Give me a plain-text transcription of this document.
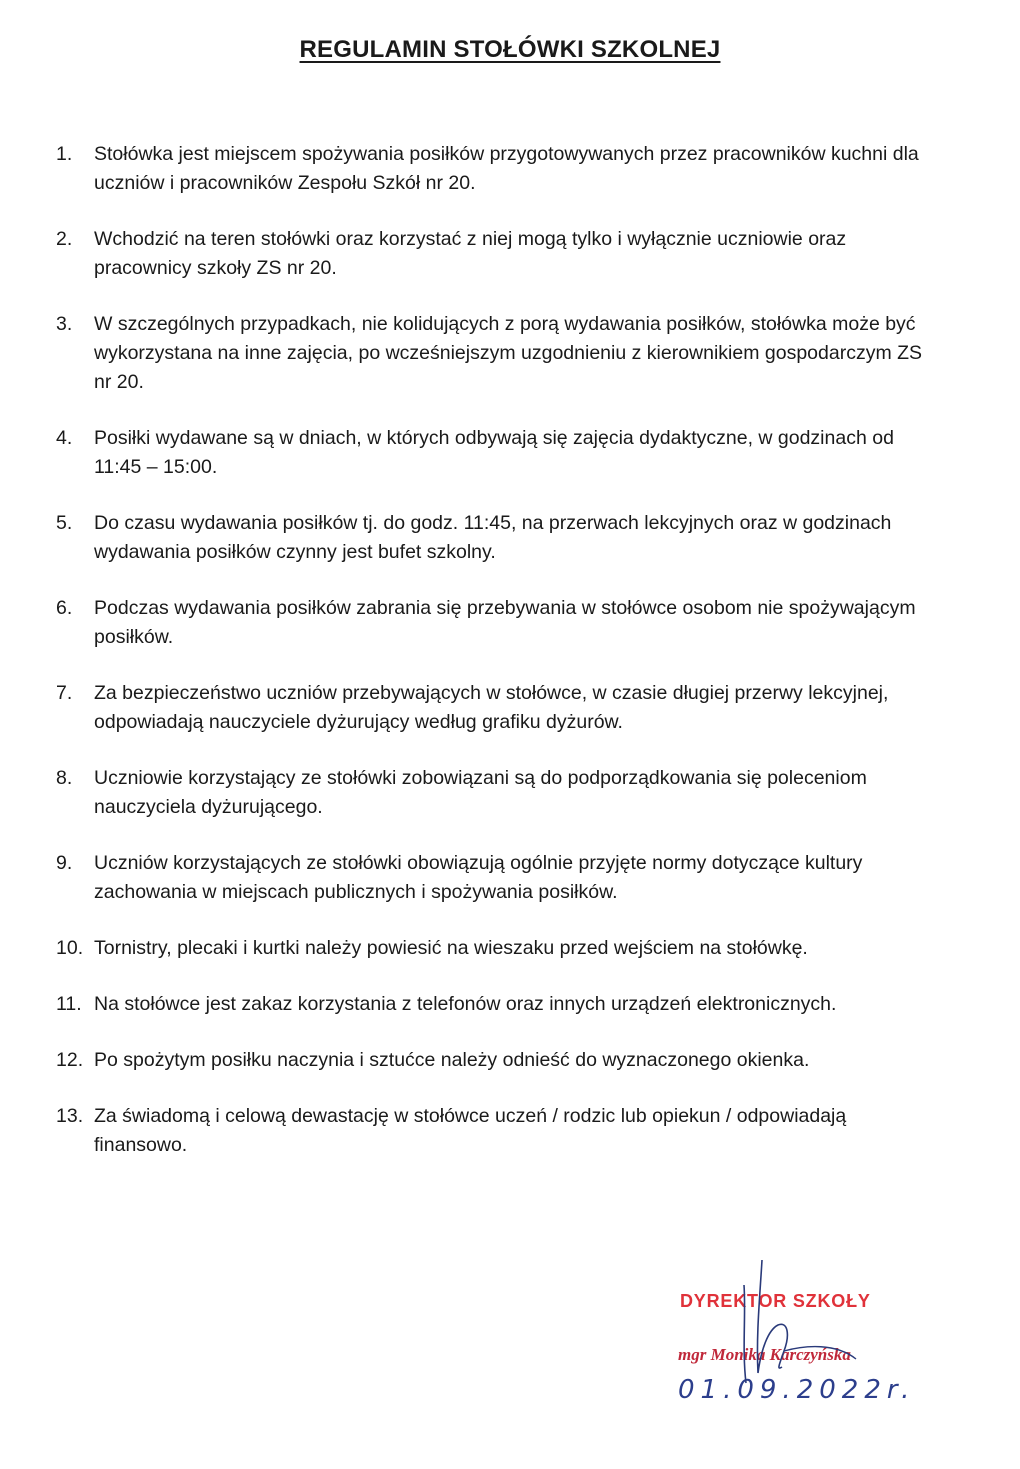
REGULAMIN STOŁÓWKI SZKOLNEJ
1. Stołówka jest miejscem spożywania posiłków przygotowywanych przez pracowników kuchni dla uczniów i pracowników Zespołu Szkół nr 20.
2. Wchodzić na teren stołówki oraz korzystać z niej mogą tylko i wyłącznie uczniowie oraz pracownicy szkoły ZS nr 20.
3. W szczególnych przypadkach, nie kolidujących z porą wydawania posiłków, stołówka może być wykorzystana na inne zajęcia, po wcześniejszym uzgodnieniu z kierownikiem gospodarczym ZS nr 20.
4. Posiłki wydawane są w dniach, w których odbywają się zajęcia dydaktyczne, w godzinach od 11:45 – 15:00.
5. Do czasu wydawania posiłków tj. do godz. 11:45, na przerwach lekcyjnych oraz w godzinach wydawania posiłków czynny jest bufet szkolny.
6. Podczas wydawania posiłków zabrania się przebywania w stołówce osobom nie spożywającym posiłków.
7. Za bezpieczeństwo uczniów przebywających w stołówce, w czasie długiej przerwy lekcyjnej, odpowiadają nauczyciele dyżurujący według grafiku dyżurów.
8. Uczniowie korzystający ze stołówki zobowiązani są do podporządkowania się poleceniom nauczyciela dyżurującego.
9. Uczniów korzystających ze stołówki obowiązują ogólnie przyjęte normy dotyczące kultury zachowania w miejscach publicznych i spożywania posiłków.
10. Tornistry, plecaki i kurtki należy powiesić na wieszaku przed wejściem na stołówkę.
11. Na stołówce jest zakaz korzystania z telefonów oraz innych urządzeń elektronicznych.
12. Po spożytym posiłku naczynia i sztućce należy odnieść do wyznaczonego okienka.
13. Za świadomą i celową dewastację w stołówce uczeń / rodzic lub opiekun / odpowiadają finansowo.
DYREKTOR SZKOŁY
mgr Monika Karczyńska
01.09.2022r.
